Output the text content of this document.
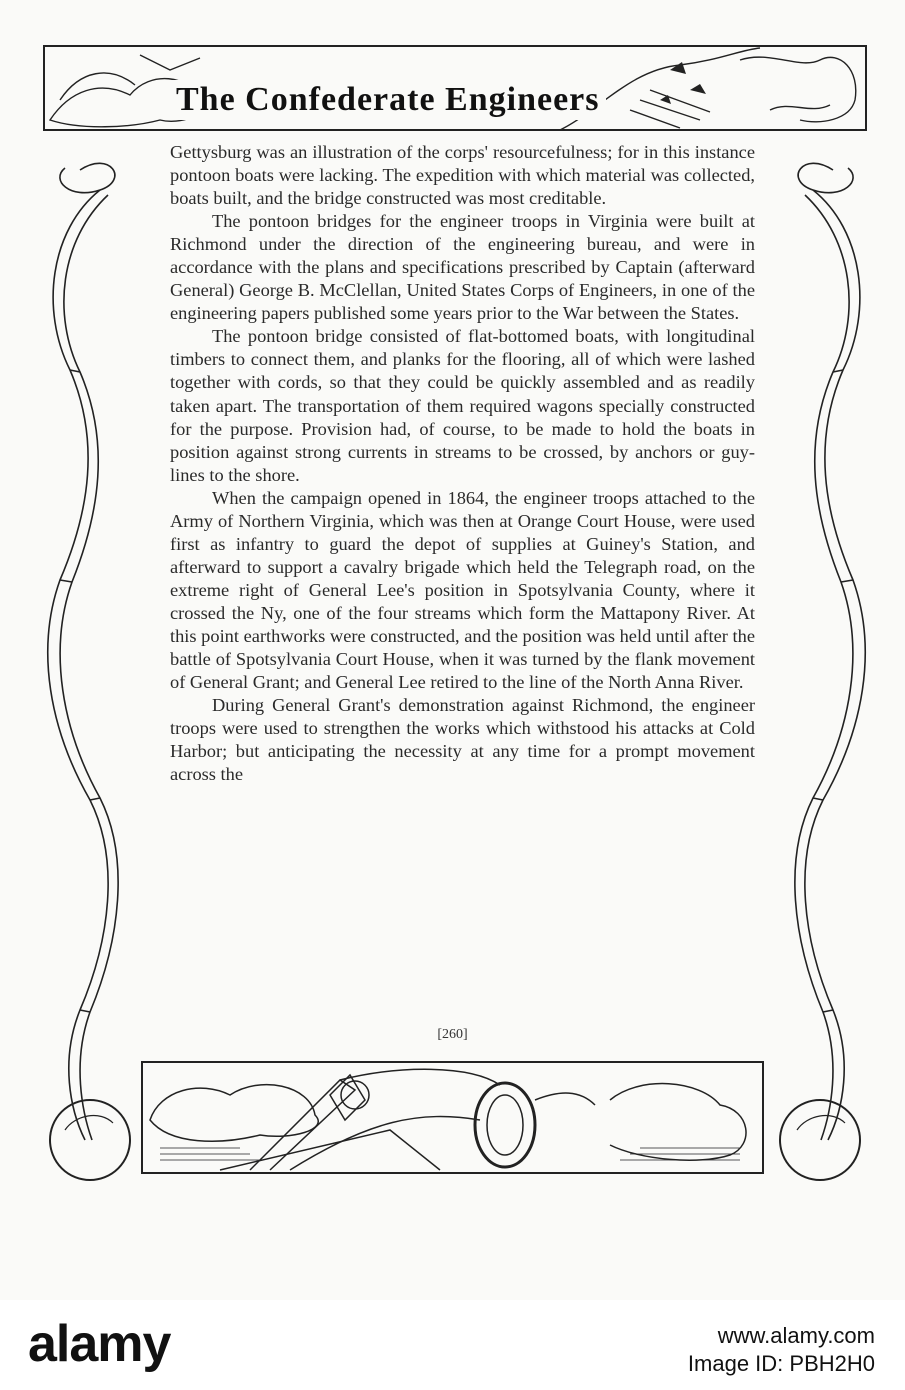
The Confederate Engineers

Gettysburg was an illustration of the corps' resourcefulness; for in this instance pontoon boats were lacking. The expedition with which material was collected, boats built, and the bridge constructed was most creditable.

The pontoon bridges for the engineer troops in Virginia were built at Richmond under the direction of the engineering bureau, and were in accordance with the plans and specifications prescribed by Captain (afterward General) George B. McClellan, United States Corps of Engineers, in one of the engineering papers published some years prior to the War between the States.

The pontoon bridge consisted of flat-bottomed boats, with longitudinal timbers to connect them, and planks for the flooring, all of which were lashed together with cords, so that they could be quickly assembled and as readily taken apart. The transportation of them required wagons specially constructed for the purpose. Provision had, of course, to be made to hold the boats in position against strong currents in streams to be crossed, by anchors or guy-lines to the shore.

When the campaign opened in 1864, the engineer troops attached to the Army of Northern Virginia, which was then at Orange Court House, were used first as infantry to guard the depot of supplies at Guiney's Station, and afterward to support a cavalry brigade which held the Telegraph road, on the extreme right of General Lee's position in Spotsylvania County, where it crossed the Ny, one of the four streams which form the Mattapony River. At this point earthworks were constructed, and the position was held until after the battle of Spotsylvania Court House, when it was turned by the flank movement of General Grant; and General Lee retired to the line of the North Anna River.

During General Grant's demonstration against Richmond, the engineer troops were used to strengthen the works which withstood his attacks at Cold Harbor; but anticipating the necessity at any time for a prompt movement across the

[260]
alamy	www.alamy.com
Image ID: PBH2H0
